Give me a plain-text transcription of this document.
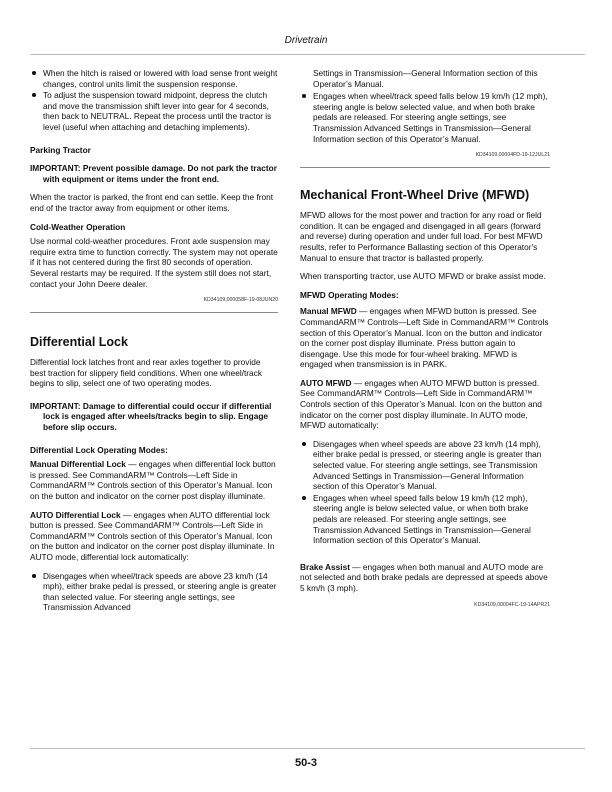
Drivetrain
When the hitch is raised or lowered with load sense front weight changes, control units limit the suspension response.
To adjust the suspension toward midpoint, depress the clutch and move the transmission shift lever into gear for 4 seconds, then back to NEUTRAL. Repeat the process until the tractor is level (useful when attaching and detaching implements).

Parking Tractor

IMPORTANT: Prevent possible damage. Do not park the tractor with equipment or items under the front end.

When the tractor is parked, the front end can settle. Keep the front end of the tractor away from equipment or other items.

Cold-Weather Operation

Use normal cold-weather procedures. Front axle suspension may require extra time to function correctly. The system may not operate if it has not centered during the first 80 seconds of operation. Several restarts may be required. If the system still does not start, contact your John Deere dealer.

KD34109,000058F-19-08JUN20

Differential Lock

Differential lock latches front and rear axles together to provide best traction for slippery field conditions. When one wheel/track begins to slip, select one of two operating modes.

IMPORTANT: Damage to differential could occur if differential lock is engaged after wheels/tracks begin to slip. Engage before slip occurs.

Differential Lock Operating Modes:

Manual Differential Lock — engages when differential lock button is pressed. See CommandARM™ Controls—Left Side in CommandARM™ Controls section of this Operator’s Manual. Icon on the button and indicator on the corner post display illuminate.

AUTO Differential Lock — engages when AUTO differential lock button is pressed. See CommandARM™ Controls—Left Side in CommandARM™ Controls section of this Operator’s Manual. Icon on the button and indicator on the corner post display illuminate. In AUTO mode, differential lock automatically:

Disengages when wheel/track speeds are above 23 km/h (14 mph), either brake pedal is pressed, or steering angle is greater than selected value. For steering angle settings, see Transmission Advanced

Settings in Transmission—General Information section of this Operator’s Manual.

Engages when wheel/track speed falls below 19 km/h (12 mph), steering angle is below selected value, and when both brake pedals are released. For steering angle settings, see Transmission Advanced Settings in Transmission—General Information section of this Operator’s Manual.

KD34109,00004FD-19-12JUL21

Mechanical Front-Wheel Drive (MFWD)

MFWD allows for the most power and traction for any road or field condition. It can be engaged and disengaged in all gears (forward and reverse) during operation and under full load. For best MFWD results, refer to Performance Ballasting section of this Operator's Manual to ensure that tractor is ballasted properly.

When transporting tractor, use AUTO MFWD or brake assist mode.

MFWD Operating Modes:

Manual MFWD — engages when MFWD button is pressed. See CommandARM™ Controls—Left Side in CommandARM™ Controls section of this Operator’s Manual. Icon on the button and indicator on the corner post display illuminate. Press button again to disengage. Use this mode for four-wheel braking. MFWD is engaged when transmission is in PARK.

AUTO MFWD — engages when AUTO MFWD button is pressed. See CommandARM™ Controls—Left Side in CommandARM™ Controls section of this Operator’s Manual. Icon on the button and indicator on the corner post display illuminate. In AUTO mode, MFWD automatically:

Disengages when wheel speeds are above 23 km/h (14 mph), either brake pedal is pressed, or steering angle is greater than selected value. For steering angle settings, see Transmission Advanced Settings in Transmission—General Information section of this Operator’s Manual.
Engages when wheel speed falls below 19 km/h (12 mph), steering angle is below selected value, or when both brake pedals are released. For steering angle settings, see Transmission Advanced Settings in Transmission—General Information section of this Operator’s Manual.

Brake Assist — engages when both manual and AUTO mode are not selected and both brake pedals are depressed at speeds above 5 km/h (3 mph).

KD34109,00004FC-19-14APR21

50-3
